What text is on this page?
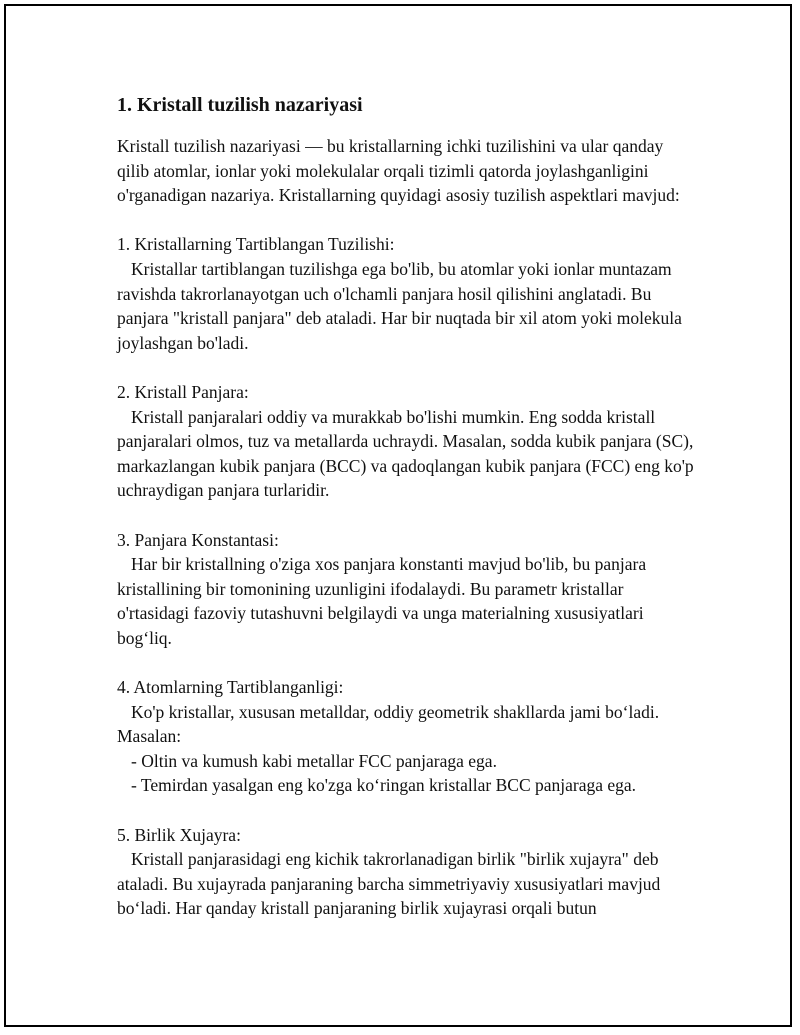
1. Kristall tuzilish nazariyasi

Kristall tuzilish nazariyasi — bu kristallarning ichki tuzilishini va ular qanday qilib atomlar, ionlar yoki molekulalar orqali tizimli qatorda joylashganligini o'rganadigan nazariya. Kristallarning quyidagi asosiy tuzilish aspektlari mavjud:

1. Kristallarning Tartiblangan Tuzilishi:

Kristallar tartiblangan tuzilishga ega bo'lib, bu atomlar yoki ionlar muntazam ravishda takrorlanayotgan uch o'lchamli panjara hosil qilishini anglatadi. Bu panjara "kristall panjara" deb ataladi. Har bir nuqtada bir xil atom yoki molekula joylashgan bo'ladi.

2. Kristall Panjara:

Kristall panjaralari oddiy va murakkab bo'lishi mumkin. Eng sodda kristall panjaralari olmos, tuz va metallarda uchraydi. Masalan, sodda kubik panjara (SC), markazlangan kubik panjara (BCC) va qadoqlangan kubik panjara (FCC) eng ko'p uchraydigan panjara turlaridir.

3. Panjara Konstantasi:

Har bir kristallning o'ziga xos panjara konstanti mavjud bo'lib, bu panjara kristallining bir tomonining uzunligini ifodalaydi. Bu parametr kristallar o'rtasidagi fazoviy tutashuvni belgilaydi va unga materialning xususiyatlari bog‘liq.

4. Atomlarning Tartiblanganligi:

Ko'p kristallar, xususan metalldar, oddiy geometrik shakllarda jami bo‘ladi. Masalan:

- Oltin va kumush kabi metallar FCC panjaraga ega.

- Temirdan yasalgan eng ko'zga ko‘ringan kristallar BCC panjaraga ega.

5. Birlik Xujayra:

Kristall panjarasidagi eng kichik takrorlanadigan birlik "birlik xujayra" deb ataladi. Bu xujayrada panjaraning barcha simmetriyaviy xususiyatlari mavjud bo‘ladi. Har qanday kristall panjaraning birlik xujayrasi orqali butun
